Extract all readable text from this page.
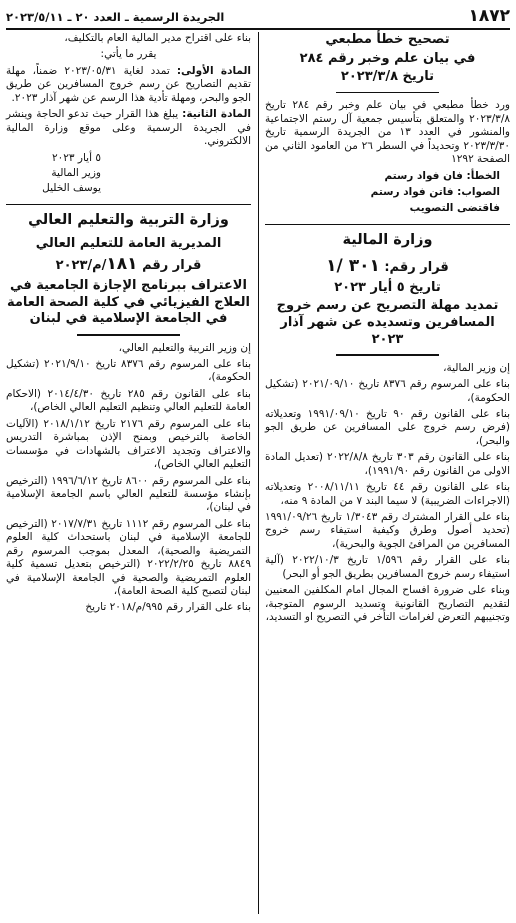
١٨٧٢
الجريدة الرسمية ـ العدد ٢٠ ـ ٢٠٢٣/٥/١١
تصحيح خطأ مطبعي
في بيان علم وخبر رقم ٢٨٤
تاريخ ٢٠٢٣/٣/٨

ورد خطأ مطبعي في بيان علم وخبر رقم ٢٨٤ تاريخ ٢٠٢٣/٣/٨ والمتعلق بتأسيس جمعية آل رستم الاجتماعية والمنشور في العدد ١٣ من الجريدة الرسمية تاريخ ٢٠٢٣/٣/٣٠ وتحديداً في السطر ٢٦ من العامود الثاني من الصفحة ١٢٩٢

الخطأ: فان فواد رستم

الصواب: فاتن فواد رستم

فاقتضى التصويب

وزارة المالية
قرار رقم: ٣٠١ /١
تاريخ ٥ أيار ٢٠٢٣
تمديد مهلة التصريح عن رسم خروج المسافرين وتسديده عن شهر آذار ٢٠٢٣

إن وزير المالية،

بناء على المرسوم رقم ٨٣٧٦ تاريخ ٢٠٢١/٠٩/١٠ (تشكيل الحكومة)،

بناء على القانون رقم ٩٠ تاريخ ١٩٩١/٠٩/١٠ وتعديلاته (فرض رسم خروج على المسافرين عن طريق الجو والبحر)،

بناء على القانون رقم ٣٠٣ تاريخ ٢٠٢٢/٨/٨ (تعديل المادة الاولى من القانون رقم ١٩٩١/٩٠)،

بناء على القانون رقم ٤٤ تاريخ ٢٠٠٨/١١/١١ وتعديلاته (الاجراءات الضريبية) لا سيما البند ٧ من المادة ٩ منه،

بناء على القرار المشترك رقم ١/٣٠٤٣ تاريخ ١٩٩١/٠٩/٢٦ (تحديد أصول وطرق وكيفية استيفاء رسم خروج المسافرين من المرافئ الجوية والبحرية)،

بناء على القرار رقم ١/٥٩٦ تاريخ ٢٠٢٢/١٠/٣ (آلية استيفاء رسم خروج المسافرين بطريق الجو أو البحر)

وبناء على ضرورة افساح المجال امام المكلفين المعنيين لتقديم التصاريح القانونية وتسديد الرسوم المتوجبة، وتجنيبهم التعرض لغرامات التأخر في التصريح او التسديد،

بناء على اقتراح مدير المالية العام بالتكليف،

يقرر ما يأتي:

المادة الأولى: تمدد لغاية ٢٠٢٣/٠٥/٣١ ضمناً، مهلة تقديم التصاريح عن رسم خروج المسافرين عن طريق الجو والبحر، ومهلة تأدية هذا الرسم عن شهر آذار ٢٠٢٣.

المادة الثانية: يبلغ هذا القرار حيث تدعو الحاجة وينشر في الجريدة الرسمية وعلى موقع وزارة المالية الالكتروني.

٥ أيار ٢٠٢٣

وزير المالية

يوسف الخليل

وزارة التربية والتعليم العالي
المديرية العامة للتعليم العالي
قرار رقم ١٨١/م/٢٠٢٣
الاعتراف ببرنامج الإجازة الجامعية في العلاج الفيزيائي في كلية الصحة العامة في الجامعة الإسلامية في لبنان

إن وزير التربية والتعليم العالي،

بناء على المرسوم رقم ٨٣٧٦ تاريخ ٢٠٢١/٩/١٠ (تشكيل الحكومة)،

بناء على القانون رقم ٢٨٥ تاريخ ٢٠١٤/٤/٣٠ (الاحكام العامة للتعليم العالي وتنظيم التعليم العالي الخاص)،

بناء على المرسوم رقم ٢١٧٦ تاريخ ٢٠١٨/١/١٢ (الآليات الخاصة بالترخيص وبمنح الإذن بمباشرة التدريس والاعتراف وتجديد الاعتراف بالشهادات في مؤسسات التعليم العالي الخاص)،

بناء على المرسوم رقم ٨٦٠٠ تاريخ ١٩٩٦/٦/١٢ (الترخيص بإنشاء مؤسسة للتعليم العالي باسم الجامعة الإسلامية في لبنان)،

بناء على المرسوم رقم ١١١٢ تاريخ ٢٠١٧/٧/٣١ (الترخيص للجامعة الإسلامية في لبنان باستحداث كلية العلوم التمريضية والصحية)، المعدل بموجب المرسوم رقم ٨٨٤٩ تاريخ ٢٠٢٢/٢/٢٥ (الترخيص بتعديل تسمية كلية العلوم التمريضية والصحية في الجامعة الإسلامية في لبنان لتصبح كلية الصحة العامة)،

بناء على القرار رقم ٩٩٥/م/٢٠١٨ تاريخ
